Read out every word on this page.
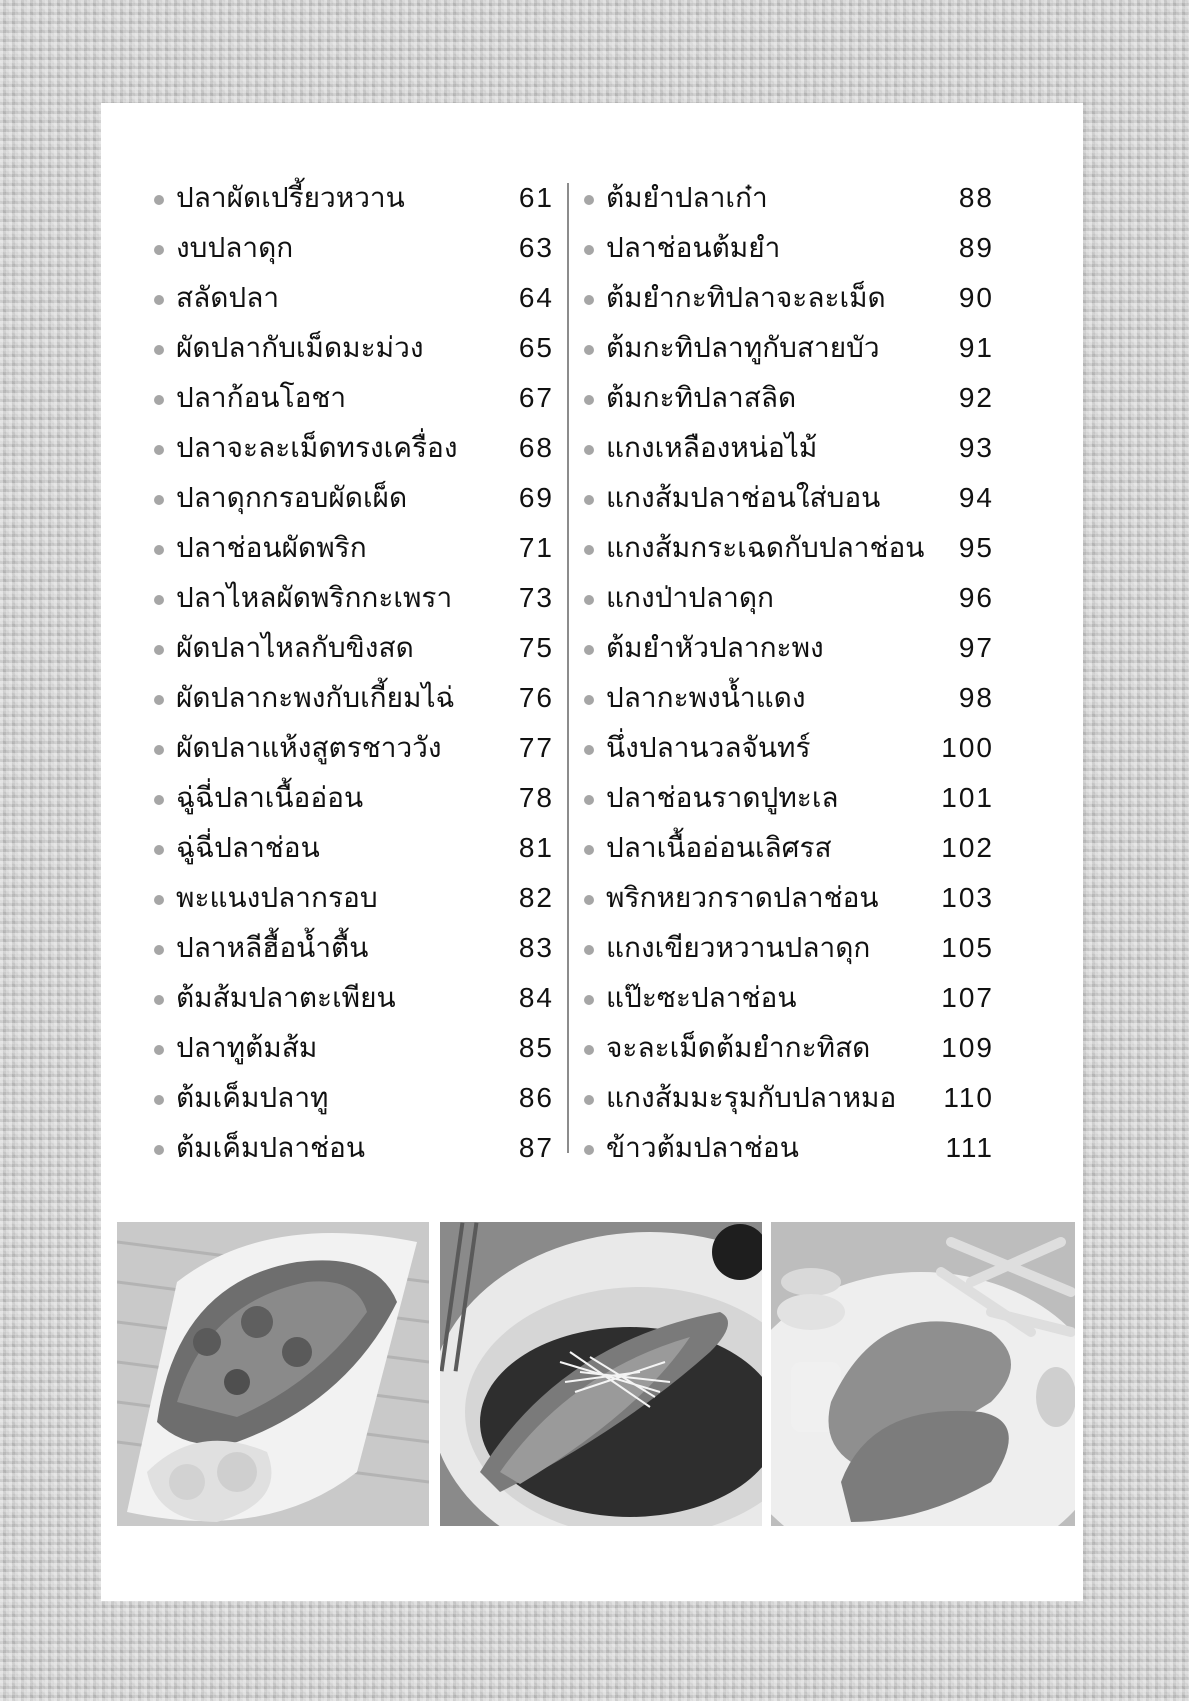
ปลาผัดเปรี้ยวหวาน	61
งบปลาดุก	63
สลัดปลา	64
ผัดปลากับเม็ดมะม่วง	65
ปลาก้อนโอชา	67
ปลาจะละเม็ดทรงเครื่อง 68
ปลาดุกกรอบผัดเผ็ด	69
ปลาช่อนผัดพริก	71
ปลาไหลผัดพริกกะเพรา 73
ผัดปลาไหลกับขิงสด	75
ผัดปลากะพงกับเกี้ยมไฉ่ 76
ผัดปลาแห้งสูตรชาววัง	77
ฉู่ฉี่ปลาเนื้ออ่อน	78
ฉู่ฉี่ปลาช่อน	81
พะแนงปลากรอบ	82
ปลาหลีฮื้อน้ำตื้น	83
ต้มส้มปลาตะเพียน	84
ปลาทูต้มส้ม	85
ต้มเค็มปลาทู	86
ต้มเค็มปลาช่อน	87
ต้มยำปลาเก๋า	88
ปลาช่อนต้มยำ	89
ต้มยำกะทิปลาจะละเม็ด	90
ต้มกะทิปลาทูกับสายบัว	91
ต้มกะทิปลาสลิด	92
แกงเหลืองหน่อไม้	93
แกงส้มปลาช่อนใส่บอน	94
แกงส้มกระเฉดกับปลาช่อน 95
แกงป่าปลาดุก	96
ต้มยำหัวปลากะพง	97
ปลากะพงน้ำแดง	98
นึ่งปลานวลจันทร์	100
ปลาช่อนราดปูทะเล	101
ปลาเนื้ออ่อนเลิศรส	102
พริกหยวกราดปลาช่อน 103
แกงเขียวหวานปลาดุก	105
แป๊ะซะปลาช่อน	107
จะละเม็ดต้มยำกะทิสด	109
แกงส้มมะรุมกับปลาหมอ 110
ข้าวต้มปลาช่อน	111
